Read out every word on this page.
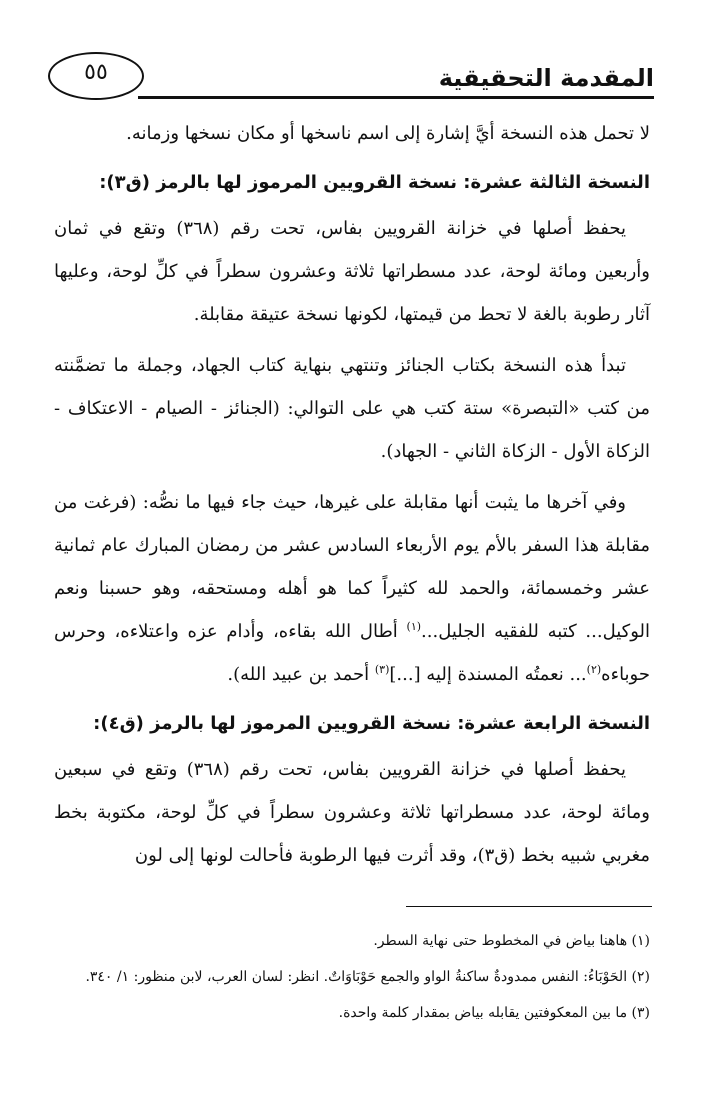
المقدمة التحقيقية
٥٥

لا تحمل هذه النسخة أيَّ إشارة إلى اسم ناسخها أو مكان نسخها وزمانه.

النسخة الثالثة عشرة: نسخة القرويين المرموز لها بالرمز (ق٣):

يحفظ أصلها في خزانة القرويين بفاس، تحت رقم (٣٦٨) وتقع في ثمان وأربعين ومائة لوحة، عدد مسطراتها ثلاثة وعشرون سطراً في كلِّ لوحة، وعليها آثار رطوبة بالغة لا تحط من قيمتها، لكونها نسخة عتيقة مقابلة.

تبدأ هذه النسخة بكتاب الجنائز وتنتهي بنهاية كتاب الجهاد، وجملة ما تضمَّنته من كتب «التبصرة» ستة كتب هي على التوالي: (الجنائز - الصيام - الاعتكاف - الزكاة الأول - الزكاة الثاني - الجهاد).

وفي آخرها ما يثبت أنها مقابلة على غيرها، حيث جاء فيها ما نصُّه: (فرغت من مقابلة هذا السفر بالأم يوم الأربعاء السادس عشر من رمضان المبارك عام ثمانية عشر وخمسمائة، والحمد لله كثيراً كما هو أهله ومستحقه، وهو حسبنا ونعم الوكيل... كتبه للفقيه الجليل...$^{(١)}$ أطال الله بقاءه، وأدام عزه واعتلاءه، وحرس حوباءه$^{(٢)}$... نعمتُه المسندة إليه [...]$^{(٣)}$ أحمد بن عبيد الله).

النسخة الرابعة عشرة: نسخة القرويين المرموز لها بالرمز (ق٤):

يحفظ أصلها في خزانة القرويين بفاس، تحت رقم (٣٦٨) وتقع في سبعين ومائة لوحة، عدد مسطراتها ثلاثة وعشرون سطراً في كلِّ لوحة، مكتوبة بخط مغربي شبيه بخط (ق٣)، وقد أثرت فيها الرطوبة فأحالت لونها إلى لون

(١) هاهنا بياض في المخطوط حتى نهاية السطر.

(٢) الحَوْبَاءُ: النفس ممدودةٌ ساكنةُ الواو والجمع حَوْبَاوَاتٌ. انظر: لسان العرب، لابن منظور: ١/ ٣٤٠.

(٣) ما بين المعكوفتين يقابله بياض بمقدار كلمة واحدة.
